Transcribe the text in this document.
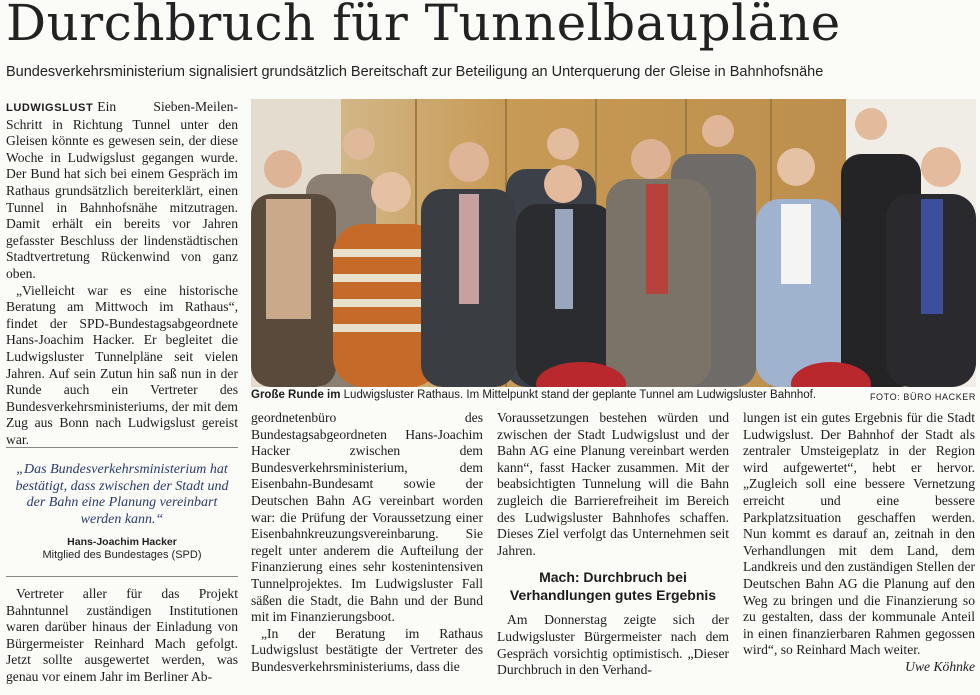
Durchbruch für Tunnelbaupläne

Bundesverkehrsministerium signalisiert grundsätzlich Bereitschaft zur Beteiligung an Unterquerung der Gleise in Bahnhofsnähe

LUDWIGSLUST Ein Sieben-Meilen-Schritt in Richtung Tunnel unter den Gleisen könnte es gewesen sein, der diese Woche in Ludwigslust gegangen wurde. Der Bund hat sich bei einem Gespräch im Rathaus grundsätzlich bereiterklärt, einen Tunnel in Bahnhofsnähe mitzutragen. Damit erhält ein bereits vor Jahren gefasster Beschluss der lindenstädtischen Stadtvertretung Rückenwind von ganz oben.

„Vielleicht war es eine historische Beratung am Mittwoch im Rathaus“, findet der SPD-Bundestagsabgeordnete Hans-Joachim Hacker. Er begleitet die Ludwigsluster Tunnelpläne seit vielen Jahren. Auf sein Zutun hin saß nun in der Runde auch ein Vertreter des Bundesverkehrsministeriums, der mit dem Zug aus Bonn nach Ludwigslust gereist war.

„Das Bundesverkehrsministerium hat bestätigt, dass zwischen der Stadt und der Bahn eine Planung vereinbart werden kann.“

Hans-Joachim Hacker

Mitglied des Bundestages (SPD)

Vertreter aller für das Projekt Bahntunnel zuständigen Institutionen waren darüber hinaus der Einladung von Bürgermeister Reinhard Mach gefolgt. Jetzt sollte ausgewertet werden, was genau vor einem Jahr im Berliner Ab-

Große Runde im Ludwigsluster Rathaus. Im Mittelpunkt stand der geplante Tunnel am Ludwigsluster Bahnhof.	FOTO: BÜRO HACKER

geordnetenbüro des Bundestagsabgeordneten Hans-Joachim Hacker zwischen dem Bundesverkehrsministerium, dem Eisenbahn-Bundesamt sowie der Deutschen Bahn AG vereinbart worden war: die Prüfung der Voraussetzung einer Eisenbahnkreuzungsvereinbarung. Sie regelt unter anderem die Aufteilung der Finanzierung eines sehr kostenintensiven Tunnelprojektes. Im Ludwigsluster Fall säßen die Stadt, die Bahn und der Bund mit im Finanzierungsboot.

„In der Beratung im Rathaus Ludwigslust bestätigte der Vertreter des Bundesverkehrsministeriums, dass die

Voraussetzungen bestehen würden und zwischen der Stadt Ludwigslust und der Bahn AG eine Planung vereinbart werden kann“, fasst Hacker zusammen. Mit der beabsichtigten Tunnelung will die Bahn zugleich die Barrierefreiheit im Bereich des Ludwigsluster Bahnhofes schaffen. Dieses Ziel verfolgt das Unternehmen seit Jahren.

Mach: Durchbruch bei Verhandlungen gutes Ergebnis

Am Donnerstag zeigte sich der Ludwigsluster Bürgermeister nach dem Gespräch vorsichtig optimistisch. „Dieser Durchbruch in den Verhand-

lungen ist ein gutes Ergebnis für die Stadt Ludwigslust. Der Bahnhof der Stadt als zentraler Umsteigeplatz in der Region wird aufgewertet“, hebt er hervor. „Zugleich soll eine bessere Vernetzung erreicht und eine bessere Parkplatzsituation geschaffen werden. Nun kommt es darauf an, zeitnah in den Verhandlungen mit dem Land, dem Landkreis und den zuständigen Stellen der Deutschen Bahn AG die Planung auf den Weg zu bringen und die Finanzierung so zu gestalten, dass der kommunale Anteil in einen finanzierbaren Rahmen gegossen wird“, so Reinhard Mach weiter.

Uwe Köhnke
